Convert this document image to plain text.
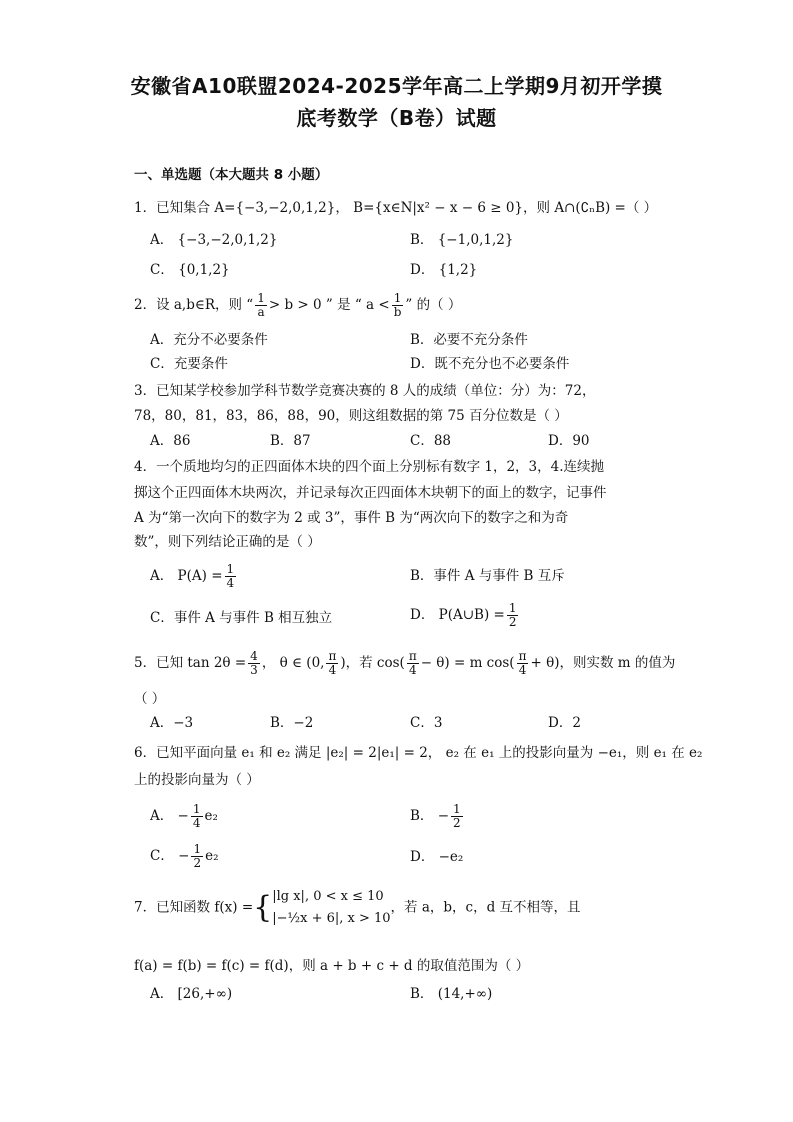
安徽省A10联盟2024-2025学年高二上学期9月初开学摸
底考数学（B卷）试题
一、单选题（本大题共 8 小题）
1．已知集合 A={−3,−2,0,1,2}， B={x∈N|x² − x − 6 ≥ 0}，则 A∩(∁ₙB) =（ ）
A． {−3,−2,0,1,2}	B． {−1,0,1,2}
C． {0,1,2}	D． {1,2}
2．设 a,b∈R，则 “ $\frac{1}{a} > b > 0$ ” 是 “ $a < \frac{1}{b}$ ” 的（ ）
A．充分不必要条件	B．必要不充分条件
C．充要条件	D．既不充分也不必要条件
3．已知某学校参加学科节数学竞赛决赛的 8 人的成绩（单位：分）为：72，
78，80，81，83，86，88，90，则这组数据的第 75 百分位数是（ ）
A．86	B．87	C．88	D．90
4．一个质地均匀的正四面体木块的四个面上分别标有数字 1，2，3，4.连续抛
掷这个正四面体木块两次，并记录每次正四面体木块朝下的面上的数字，记事件
A 为“第一次向下的数字为 2 或 3”，事件 B 为“两次向下的数字之和为奇
数”，则下列结论正确的是（ ）
A． $P(A) = \frac{1}{4}$	B．事件 A 与事件 B 互斥
C．事件 A 与事件 B 相互独立	D． P(A∪B) = $\frac{1}{2}$
5．已知 $\tan 2\theta = \frac{4}{3}$ ， θ ∈ (0, $\frac{\pi}{4}$ )，若 $\cos( \frac{\pi}{4} - \theta) = m$ $\cos( \frac{\pi}{4} + \theta)$，则实数 m 的值为
（ ）
A．−3	B．−2	C．3	D．2
6．已知平面向量 e₁ 和 e₂ 满足 |e₂| = 2|e₁| = 2， e₂ 在 e₁ 上的投影向量为 −e₁，则 e₁ 在 e₂
上的投影向量为（ ）
A． − $\frac{1}{4} e_2$	B． − $\frac{1}{2}$
C． − $\frac{1}{2} e_2$	D． −e₂
7．已知函数 f(x) ={ |lg x|, 0 < x ≤ 10
|−½x + 6|, x > 10
，若 a，b，c，d 互不相等，且
f(a) = f(b) = f(c) = f(d)，则 a + b + c + d 的取值范围为（ ）
A． [26,+∞)	B． (14,+∞)
